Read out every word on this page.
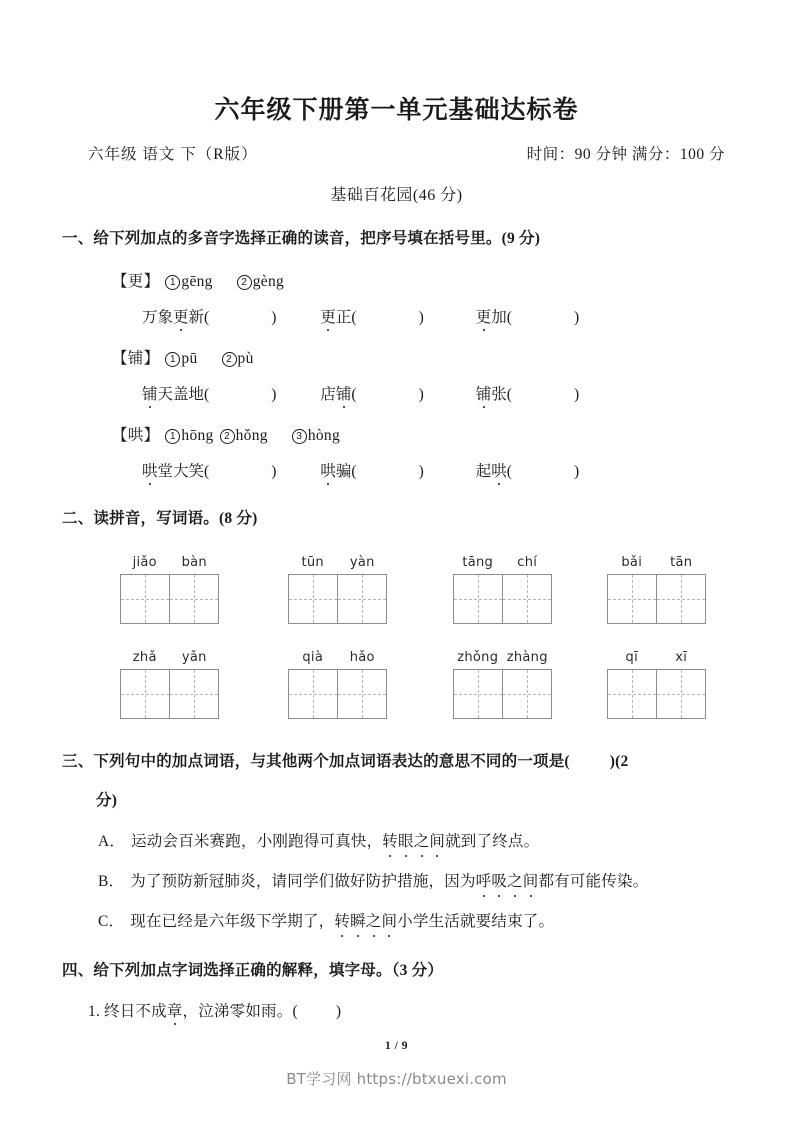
六年级下册第一单元基础达标卷
六年级 语文 下（R版）	时间：90 分钟 满分：100 分
基础百花园(46 分)
一、给下列加点的多音字选择正确的读音，把序号填在括号里。(9 分)
【更】 1 gēng	2 gèng
万象更新(	)	更正(	)	更加(	)
【铺】 1 pū	2 pù
铺天盖地(	)	店铺(	)	铺张(	)
【哄】 1 hōng 2 hǒng	3 hòng
哄堂大笑(	)	哄骗(	)	起哄(	)
二、读拼音，写词语。(8 分)
jiǎo	bàn	tūn	yàn	tāng	chí	bǎi	tān
zhǎ	yǎn	qià	hǎo	zhǒng zhàng	qī	xī
三、下列句中的加点词语，与其他两个加点词语表达的意思不同的一项是(	)(2
分)
A． 运动会百米赛跑，小刚跑得可真快，转眼之间就到了终点。
B． 为了预防新冠肺炎，请同学们做好防护措施，因为呼吸之间都有可能传染。
C． 现在已经是六年级下学期了，转瞬之间小学生活就要结束了。
四、给下列加点字词选择正确的解释，填字母。（3 分）
1. 终日不成章，泣涕零如雨。( )
1 / 9
BT学习网 https://btxuexi.com
